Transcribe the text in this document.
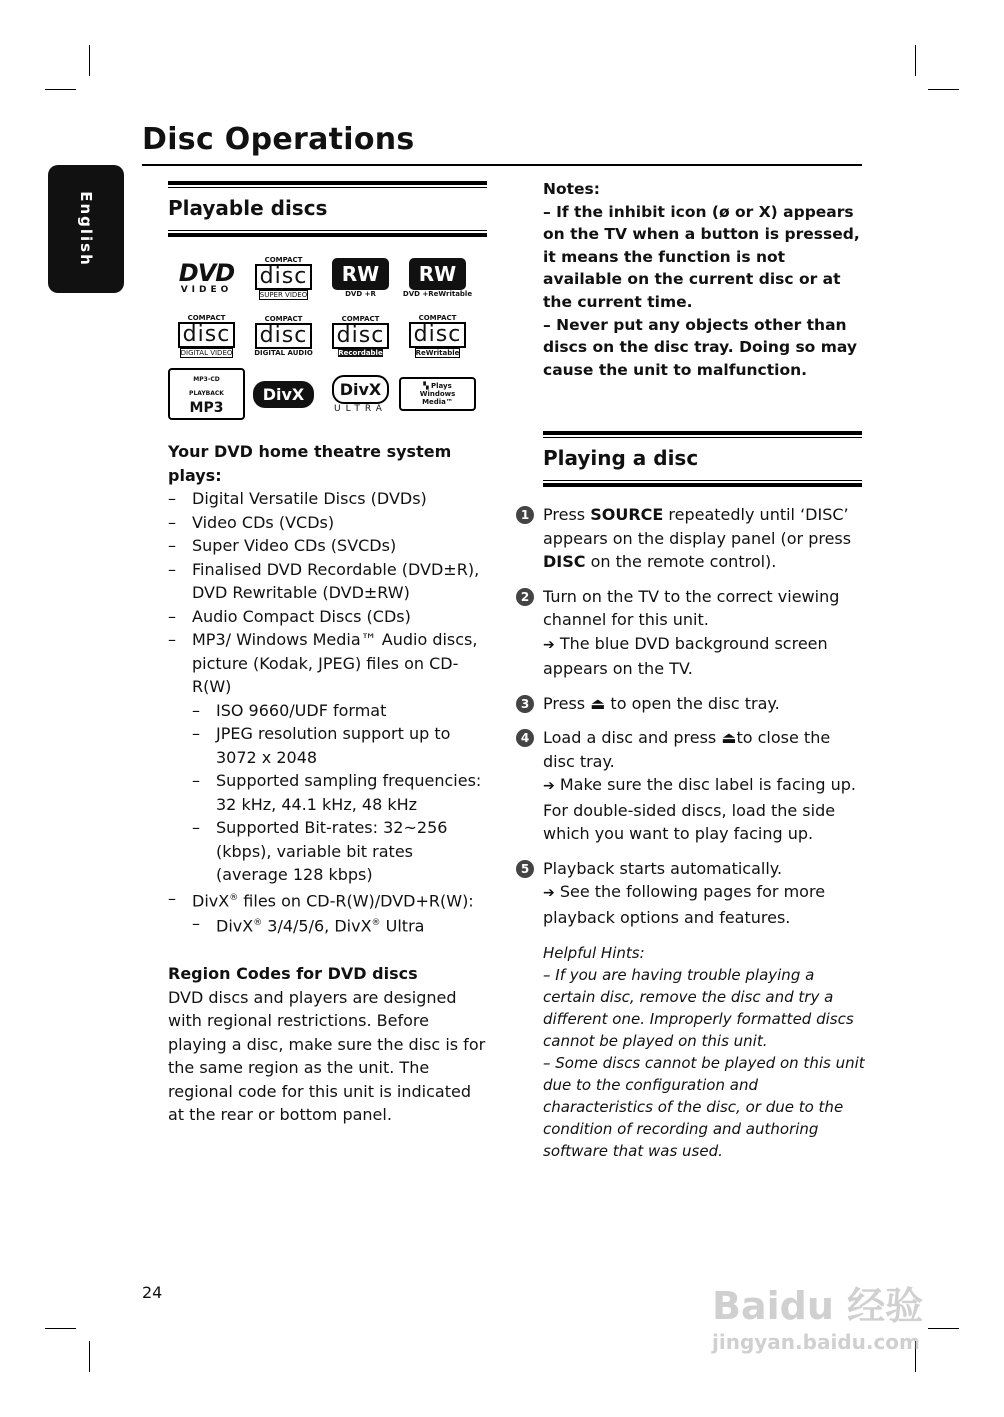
English
Disc Operations
Playable discs
DVD
VIDEO
COMPACT
disc
SUPER VIDEO
RW
DVD +R
RW
DVD +ReWritable
COMPACT
disc
DIGITAL VIDEO
COMPACT
disc
DIGITAL AUDIO
COMPACT
disc
Recordable
COMPACT
disc
ReWritable
MP3-CD PLAYBACK
MP3
DivX	DivX
ULTRA
▚ Plays Windows Media™
Your DVD home theatre system plays:
– Digital Versatile Discs (DVDs)
– Video CDs (VCDs)
– Super Video CDs (SVCDs)
– Finalised DVD Recordable (DVD±R), DVD Rewritable (DVD±RW)
– Audio Compact Discs (CDs)
– MP3/ Windows Media™ Audio discs, picture (Kodak, JPEG) files on CD-R(W)
– ISO 9660/UDF format
– JPEG resolution support up to 3072 x 2048
– Supported sampling frequencies: 32 kHz, 44.1 kHz, 48 kHz
– Supported Bit-rates: 32~256 (kbps), variable bit rates (average 128 kbps)
– DivX® files on CD-R(W)/DVD+R(W):
– DivX® 3/4/5/6, DivX® Ultra
Region Codes for DVD discs
DVD discs and players are designed with regional restrictions. Before playing a disc, make sure the disc is for the same region as the unit. The regional code for this unit is indicated at the rear or bottom panel.
Notes:
– If the inhibit icon (ø or X) appears on the TV when a button is pressed, it means the function is not available on the current disc or at the current time.
– Never put any objects other than discs on the disc tray. Doing so may cause the unit to malfunction.
Playing a disc
1 Press SOURCE repeatedly until ‘DISC’ appears on the display panel (or press DISC on the remote control).
2 Turn on the TV to the correct viewing channel for this unit.
➔ The blue DVD background screen appears on the TV.
3 Press ⏏ to open the disc tray.
4 Load a disc and press ⏏to close the disc tray.
➔ Make sure the disc label is facing up. For double-sided discs, load the side which you want to play facing up.
5 Playback starts automatically.
➔ See the following pages for more playback options and features.
Helpful Hints:
– If you are having trouble playing a certain disc, remove the disc and try a different one. Improperly formatted discs cannot be played on this unit.
– Some discs cannot be played on this unit due to the configuration and characteristics of the disc, or due to the condition of recording and authoring software that was used.
24	Baidu 经验
jingyan.baidu.com
